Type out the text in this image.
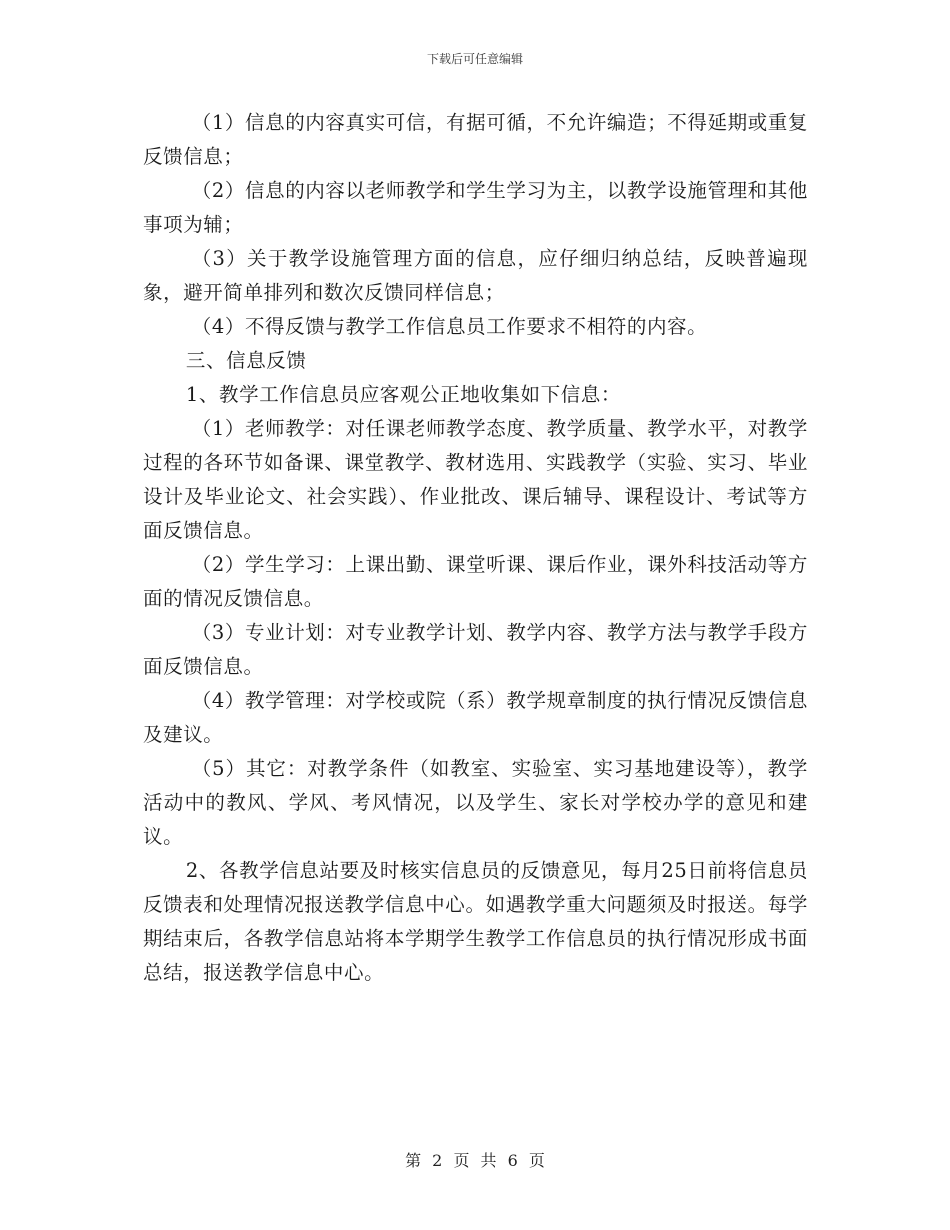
下载后可任意编辑

（1）信息的内容真实可信，有据可循，不允许编造；不得延期或重复反馈信息；

（2）信息的内容以老师教学和学生学习为主，以教学设施管理和其他事项为辅；

（3）关于教学设施管理方面的信息，应仔细归纳总结，反映普遍现象，避开简单排列和数次反馈同样信息；

（4）不得反馈与教学工作信息员工作要求不相符的内容。

三、信息反馈

1、教学工作信息员应客观公正地收集如下信息：

（1）老师教学：对任课老师教学态度、教学质量、教学水平，对教学过程的各环节如备课、课堂教学、教材选用、实践教学（实验、实习、毕业设计及毕业论文、社会实践）、作业批改、课后辅导、课程设计、考试等方面反馈信息。

（2）学生学习：上课出勤、课堂听课、课后作业，课外科技活动等方面的情况反馈信息。

（3）专业计划：对专业教学计划、教学内容、教学方法与教学手段方面反馈信息。

（4）教学管理：对学校或院（系）教学规章制度的执行情况反馈信息及建议。

（5）其它：对教学条件（如教室、实验室、实习基地建设等），教学活动中的教风、学风、考风情况，以及学生、家长对学校办学的意见和建议。

2、各教学信息站要及时核实信息员的反馈意见，每月25日前将信息员反馈表和处理情况报送教学信息中心。如遇教学重大问题须及时报送。每学期结束后，各教学信息站将本学期学生教学工作信息员的执行情况形成书面总结，报送教学信息中心。

第 2 页 共 6 页
